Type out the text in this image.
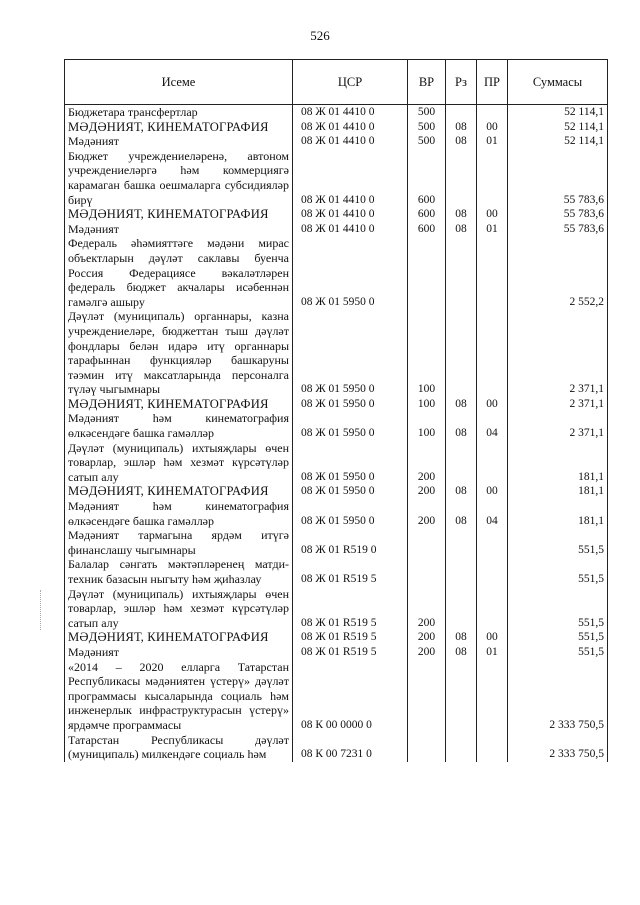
526
Исеме	ЦСР	ВР	Рз	ПР	Суммасы
Бюджетара трансфертлар	08 Ж 01 4410 0	500			52 114,1
МӘДӘНИЯТ, КИНЕМАТОГРАФИЯ	08 Ж 01 4410 0	500	08	00	52 114,1
Мәдәният	08 Ж 01 4410 0	500	08	01	52 114,1
Бюджет учреждениеләренә, автоном учреждениеләргә һәм коммерциягә карамаган башка оешмаларга субсидияләр бирү	08 Ж 01 4410 0	600			55 783,6
МӘДӘНИЯТ, КИНЕМАТОГРАФИЯ	08 Ж 01 4410 0	600	08	00	55 783,6
Мәдәният	08 Ж 01 4410 0	600	08	01	55 783,6
Федераль әһәмияттәге мәдәни мирас объектларын дәүләт саклавы буенча Россия Федерациясе вәкаләтләрен федераль бюджет акчалары исәбеннән гамәлгә ашыру	08 Ж 01 5950 0				2 552,2
Дәүләт (муниципаль) органнары, казна учреждениеләре, бюджеттан тыш дәүләт фондлары белән идарә итү органнары тарафыннан функцияләр башкаруны тәэмин итү максатларында персоналга түләү чыгымнары	08 Ж 01 5950 0	100			2 371,1
МӘДӘНИЯТ, КИНЕМАТОГРАФИЯ	08 Ж 01 5950 0	100	08	00	2 371,1
Мәдәният һәм кинематография өлкәсендәге башка гамәлләр	08 Ж 01 5950 0	100	08	04	2 371,1
Дәүләт (муниципаль) ихтыяҗлары өчен товарлар, эшләр һәм хезмәт күрсәтүләр сатып алу	08 Ж 01 5950 0	200			181,1
МӘДӘНИЯТ, КИНЕМАТОГРАФИЯ	08 Ж 01 5950 0	200	08	00	181,1
Мәдәният һәм кинематография өлкәсендәге башка гамәлләр	08 Ж 01 5950 0	200	08	04	181,1
Мәдәният тармагына ярдәм итүгә финанслашу чыгымнары	08 Ж 01 R519 0				551,5
Балалар сәнгать мәктәпләренең матди-техник базасын ныгыту һәм җиһазлау	08 Ж 01 R519 5				551,5
Дәүләт (муниципаль) ихтыяҗлары өчен товарлар, эшләр һәм хезмәт күрсәтүләр сатып алу	08 Ж 01 R519 5	200			551,5
МӘДӘНИЯТ, КИНЕМАТОГРАФИЯ	08 Ж 01 R519 5	200	08	00	551,5
Мәдәният	08 Ж 01 R519 5	200	08	01	551,5
«2014 – 2020 елларга Татарстан Республикасы мәдәниятен үстерү» дәүләт программасы кысаларында социаль һәм инженерлык инфраструктурасын үстерү» ярдәмче программасы	08 К 00 0000 0				2 333 750,5
Татарстан Республикасы дәүләт (муниципаль) милкендәге социаль һәм	08 К 00 7231 0				2 333 750,5
